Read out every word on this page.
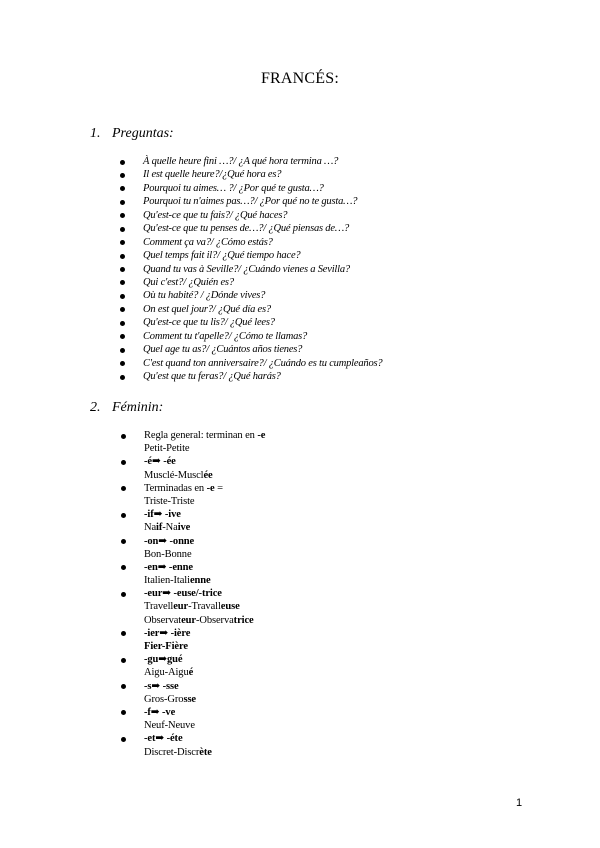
FRANCÉS:
1. Preguntas:
À quelle heure fini …?/ ¿A qué hora termina …?
Il est quelle heure?/¿Qué hora es?
Pourquoi tu aimes… ?/ ¿Por qué te gusta…?
Pourquoi tu n'aimes pas…?/ ¿Por qué no te gusta…?
Qu'est-ce que tu fais?/ ¿Qué haces?
Qu'est-ce que tu penses de…?/ ¿Qué piensas de…?
Comment ça va?/ ¿Cómo estás?
Quel temps fait il?/ ¿Qué tiempo hace?
Quand tu vas à Seville?/ ¿Cuándo vienes a Sevilla?
Qui c'est?/ ¿Quién es?
Où tu habité? / ¿Dónde vives?
On est quel jour?/ ¿Qué día es?
Qu'est-ce que tu lis?/ ¿Qué lees?
Comment tu t'apelle?/ ¿Cómo te llamas?
Quel age tu as?/ ¿Cuántos años tienes?
C'est quand ton anniversaire?/ ¿Cuándo es tu cumpleaños?
Qu'est que tu feras?/ ¿Qué harás?
2. Féminin:
Regla general: terminan en -e
Petit-Petite
-é➡ -ée
Musclé-Musclée
Terminadas en -e =
Triste-Triste
-if➡ -ive
Naif-Naive
-on➡ -onne
Bon-Bonne
-en➡ -enne
Italien-Italienne
-eur➡ -euse/-trice
Travelleur-Travalleuse
Observateur-Observatrice
-ier➡ -ière
Fier-Fière
-gu➡gué
Aigu-Aigué
-s➡ -sse
Gros-Grosse
-f➡ -ve
Neuf-Neuve
-et➡ -éte
Discret-Discrète
1
